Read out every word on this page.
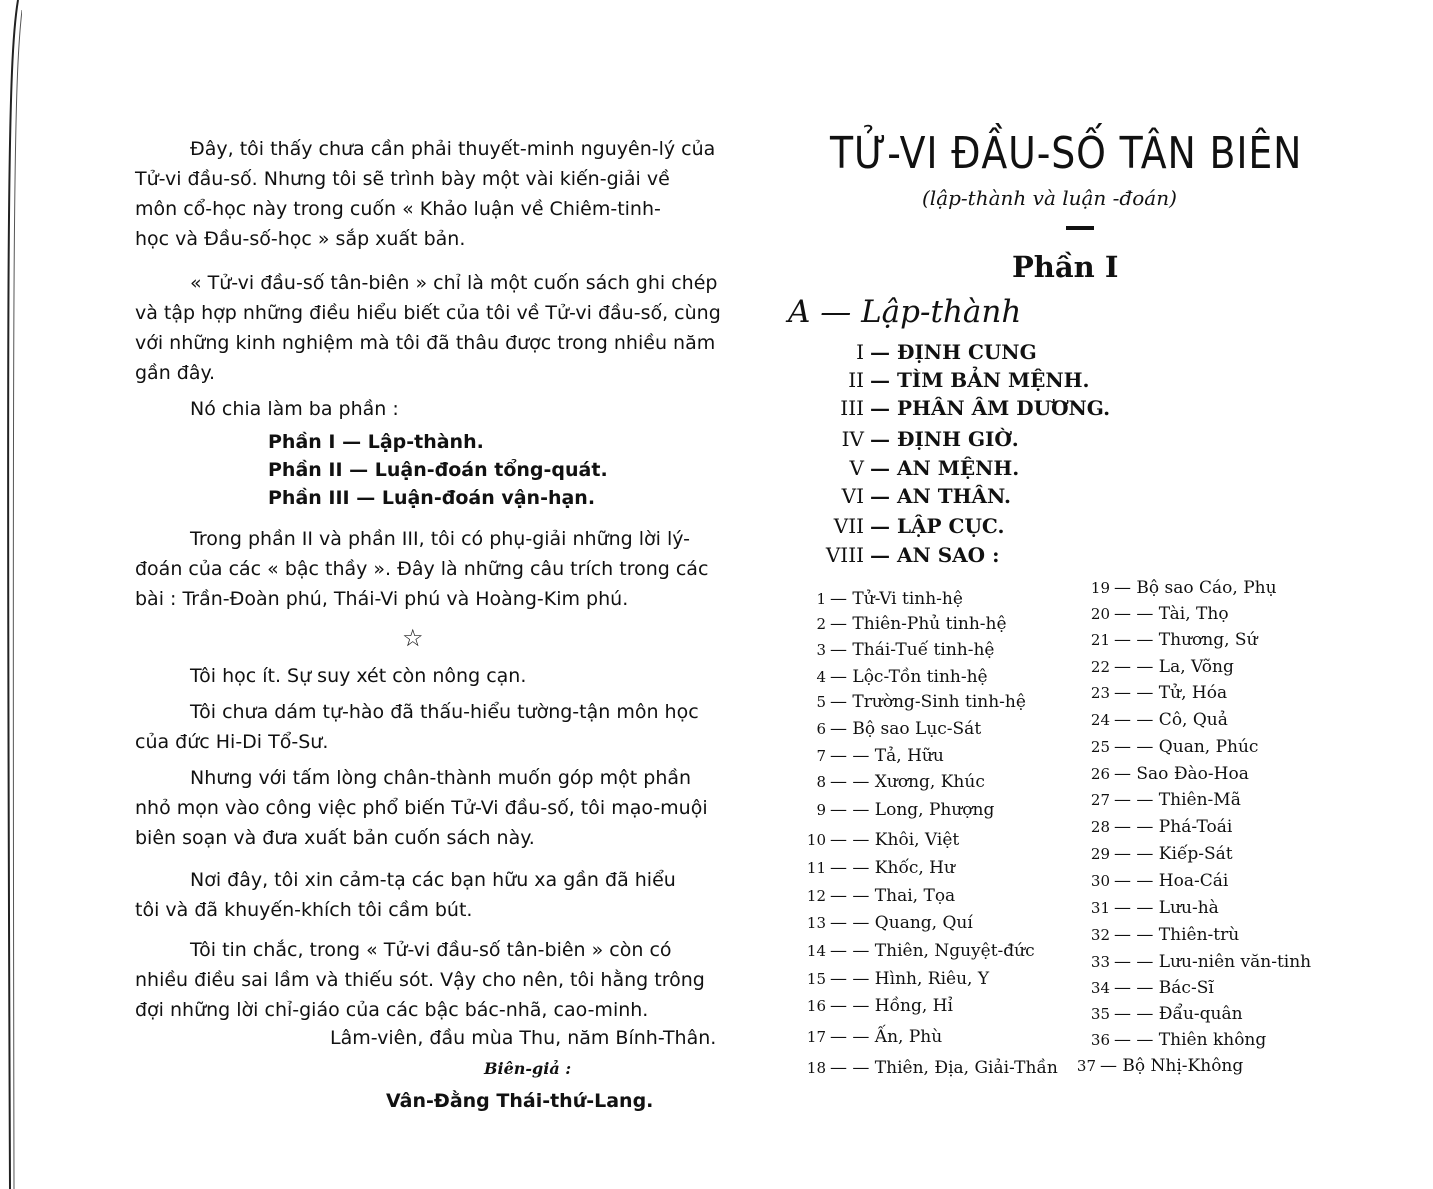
Đây, tôi thấy chưa cần phải thuyết-minh nguyên-lý của
Tử-vi đầu-số. Nhưng tôi sẽ trình bày một vài kiến-giải về
môn cổ-học này trong cuốn « Khảo luận về Chiêm-tinh-
học và Đầu-số-học » sắp xuất bản.

« Tử-vi đầu-số tân-biên » chỉ là một cuốn sách ghi chép
và tập hợp những điều hiểu biết của tôi về Tử-vi đầu-số, cùng
với những kinh nghiệm mà tôi đã thâu được trong nhiều năm
gần đây.

Nó chia làm ba phần :

Phần I — Lập-thành.
Phần II — Luận-đoán tổng-quát.
Phần III — Luận-đoán vận-hạn.

Trong phần II và phần III, tôi có phụ-giải những lời lý-
đoán của các « bậc thầy ». Đây là những câu trích trong các
bài : Trần-Đoàn phú, Thái-Vi phú và Hoàng-Kim phú.

☆

Tôi học ít. Sự suy xét còn nông cạn.

Tôi chưa dám tự-hào đã thấu-hiểu tường-tận môn học
của đức Hi-Di Tổ-Sư.

Nhưng với tấm lòng chân-thành muốn góp một phần
nhỏ mọn vào công việc phổ biến Tử-Vi đầu-số, tôi mạo-muội
biên soạn và đưa xuất bản cuốn sách này.

Nơi đây, tôi xin cảm-tạ các bạn hữu xa gần đã hiểu
tôi và đã khuyến-khích tôi cầm bút.

Tôi tin chắc, trong « Tử-vi đầu-số tân-biên » còn có
nhiều điều sai lầm và thiếu sót. Vậy cho nên, tôi hằng trông
đợi những lời chỉ-giáo của các bậc bác-nhã, cao-minh.

Lâm-viên, đầu mùa Thu, năm Bính-Thân.
Biên-giả :
Vân-Đằng Thái-thứ-Lang.
TỬ-VI ĐẦU-SỐ TÂN BIÊN
(lập-thành và luận -đoán)
Phần I
A — Lập-thành
I — ĐỊNH CUNG
II — TÌM BẢN MỆNH.
III — PHÂN ÂM DƯƠNG.
IV — ĐỊNH GIỜ.
V — AN MỆNH.
VI — AN THÂN.
VII — LẬP CỤC.
VIII — AN SAO :
1 — Tử-Vi tinh-hệ
2 — Thiên-Phủ tinh-hệ
3 — Thái-Tuế tinh-hệ
4 — Lộc-Tồn tinh-hệ
5 — Trường-Sinh tinh-hệ
6 — Bộ sao Lục-Sát
7 — — Tả, Hữu
8 — — Xương, Khúc
9 — — Long, Phượng
10 — — Khôi, Việt
11 — — Khốc, Hư
12 — — Thai, Tọa
13 — — Quang, Quí
14 — — Thiên, Nguyệt-đức
15 — — Hình, Riêu, Y
16 — — Hồng, Hỉ
17 — — Ấn, Phù
18 — — Thiên, Địa, Giải-Thần
19 — Bộ sao Cáo, Phụ
20 — — Tài, Thọ
21 — — Thương, Sứ
22 — — La, Võng
23 — — Tử, Hóa
24 — — Cô, Quả
25 — — Quan, Phúc
26 — Sao Đào-Hoa
27 — — Thiên-Mã
28 — — Phá-Toái
29 — — Kiếp-Sát
30 — — Hoa-Cái
31 — — Lưu-hà
32 — — Thiên-trù
33 — — Lưu-niên văn-tinh
34 — — Bác-Sĩ
35 — — Đẩu-quân
36 — — Thiên không
37 — Bộ Nhị-Không
